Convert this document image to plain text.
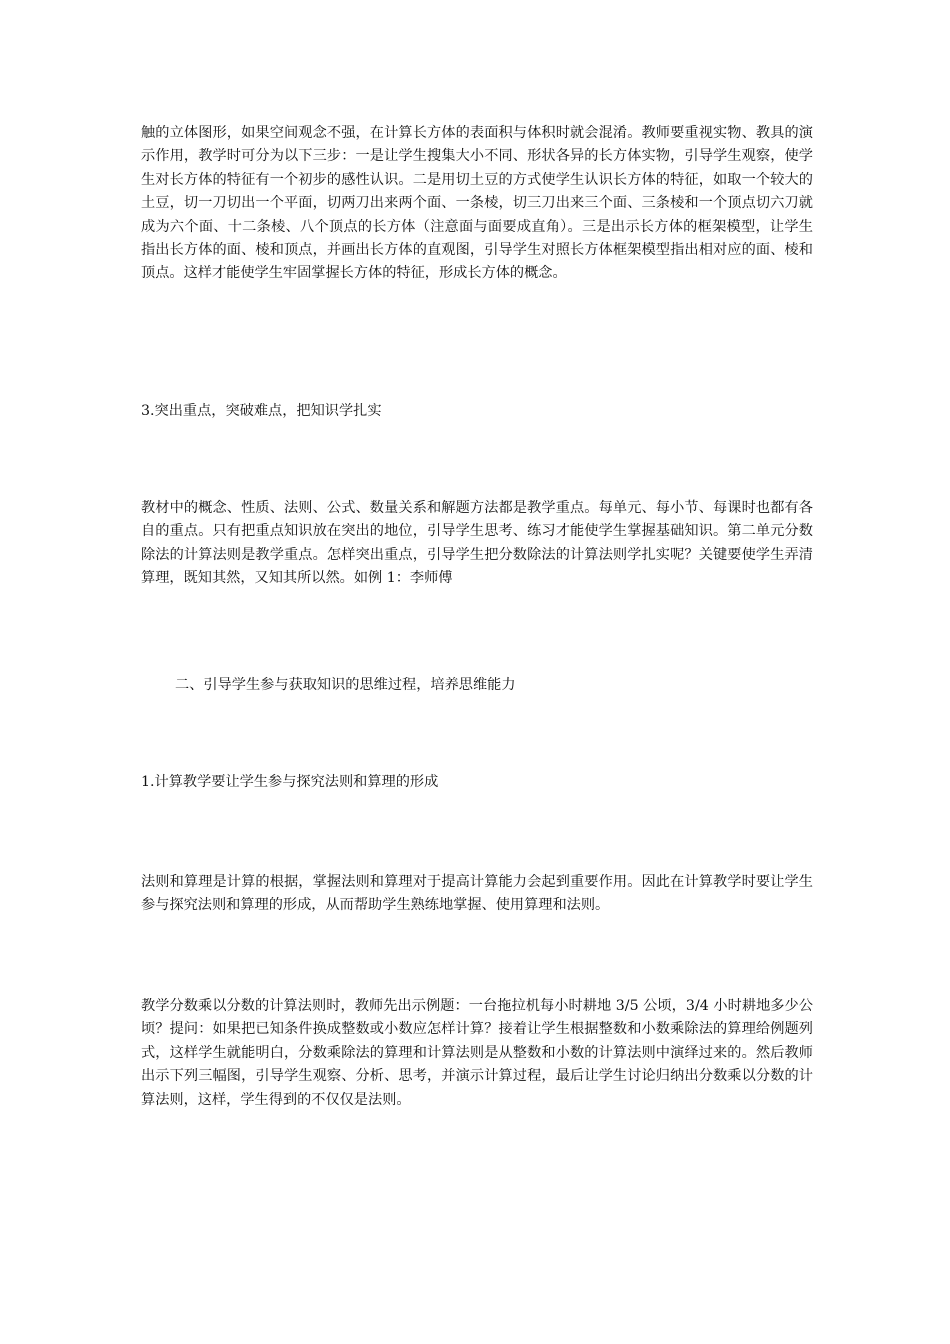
触的立体图形，如果空间观念不强，在计算长方体的表面积与体积时就会混淆。教师要重视实物、教具的演示作用，教学时可分为以下三步：一是让学生搜集大小不同、形状各异的长方体实物，引导学生观察，使学生对长方体的特征有一个初步的感性认识。二是用切土豆的方式使学生认识长方体的特征，如取一个较大的土豆，切一刀切出一个平面，切两刀出来两个面、一条棱，切三刀出来三个面、三条棱和一个顶点切六刀就成为六个面、十二条棱、八个顶点的长方体（注意面与面要成直角）。三是出示长方体的框架模型，让学生指出长方体的面、棱和顶点，并画出长方体的直观图，引导学生对照长方体框架模型指出相对应的面、棱和顶点。这样才能使学生牢固掌握长方体的特征，形成长方体的概念。

3.突出重点，突破难点，把知识学扎实

教材中的概念、性质、法则、公式、数量关系和解题方法都是教学重点。每单元、每小节、每课时也都有各自的重点。只有把重点知识放在突出的地位，引导学生思考、练习才能使学生掌握基础知识。第二单元分数除法的计算法则是教学重点。怎样突出重点，引导学生把分数除法的计算法则学扎实呢？关键要使学生弄清算理，既知其然，又知其所以然。如例 1：李师傅

二、引导学生参与获取知识的思维过程，培养思维能力

1.计算教学要让学生参与探究法则和算理的形成

法则和算理是计算的根据，掌握法则和算理对于提高计算能力会起到重要作用。因此在计算教学时要让学生参与探究法则和算理的形成，从而帮助学生熟练地掌握、使用算理和法则。

教学分数乘以分数的计算法则时，教师先出示例题：一台拖拉机每小时耕地 3/5 公顷，3/4 小时耕地多少公顷？提问：如果把已知条件换成整数或小数应怎样计算？接着让学生根据整数和小数乘除法的算理给例题列式，这样学生就能明白，分数乘除法的算理和计算法则是从整数和小数的计算法则中演绎过来的。然后教师出示下列三幅图，引导学生观察、分析、思考，并演示计算过程，最后让学生讨论归纳出分数乘以分数的计算法则，这样，学生得到的不仅仅是法则。
